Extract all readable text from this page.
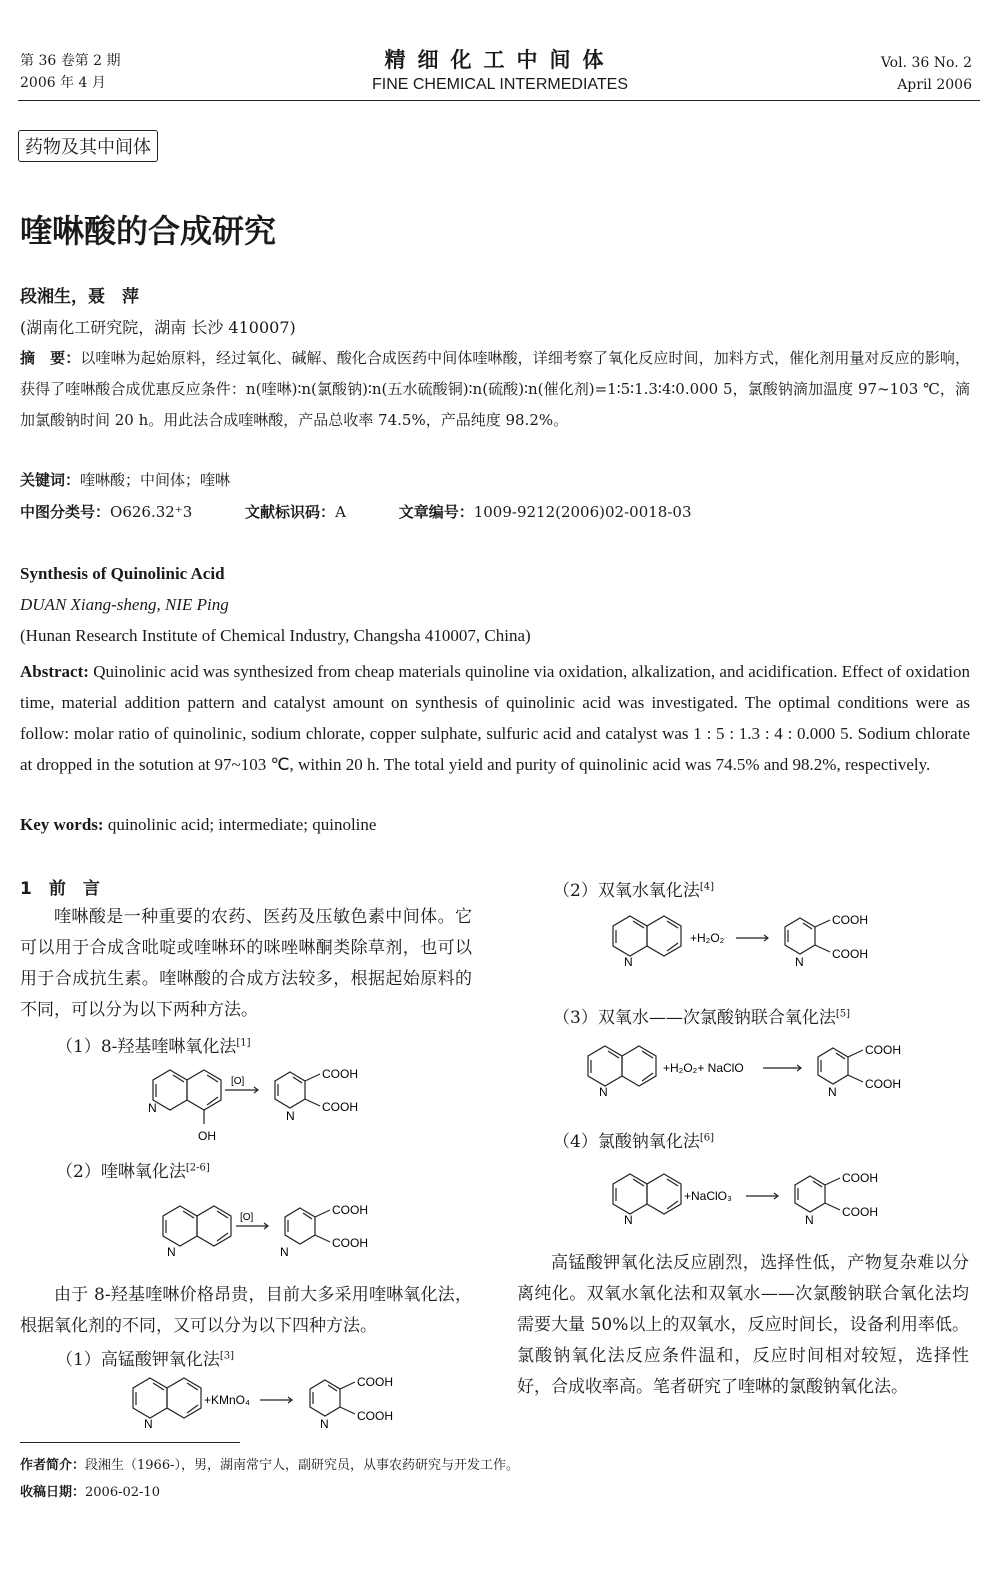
第 36 卷第 2 期
2006 年 4 月
精细化工中间体
FINE CHEMICAL INTERMEDIATES
Vol. 36 No. 2
April 2006
药物及其中间体
喹啉酸的合成研究
段湘生，聂　萍
(湖南化工研究院，湖南 长沙 410007)
摘　要：以喹啉为起始原料，经过氧化、碱解、酸化合成医药中间体喹啉酸，详细考察了氧化反应时间，加料方式，催化剂用量对反应的影响，获得了喹啉酸合成优惠反应条件：n(喹啉)∶n(氯酸钠)∶n(五水硫酸铜)∶n(硫酸)∶n(催化剂)=1∶5∶1.3∶4∶0.000 5，氯酸钠滴加温度 97~103 ℃，滴加氯酸钠时间 20 h。用此法合成喹啉酸，产品总收率 74.5%，产品纯度 98.2%。
关键词：喹啉酸；中间体；喹啉
中图分类号：O626.32⁺3	文献标识码：A	文章编号：1009-9212(2006)02-0018-03
Synthesis of Quinolinic Acid
DUAN Xiang-sheng, NIE Ping
(Hunan Research Institute of Chemical Industry, Changsha 410007, China)
Abstract: Quinolinic acid was synthesized from cheap materials quinoline via oxidation, alkalization, and acidification. Effect of oxidation time, material addition pattern and catalyst amount on synthesis of quinolinic acid was investigated. The optimal conditions were as follow: molar ratio of quinolinic, sodium chlorate, copper sulphate, sulfuric acid and catalyst was 1 : 5 : 1.3 : 4 : 0.000 5. Sodium chlorate at dropped in the sotution at 97~103 ℃, within 20 h. The total yield and purity of quinolinic acid was 74.5% and 98.2%, respectively.
Key words: quinolinic acid; intermediate; quinoline
1　前　言
喹啉酸是一种重要的农药、医药及压敏色素中间体。它可以用于合成含吡啶或喹啉环的咪唑啉酮类除草剂，也可以用于合成抗生素。喹啉酸的合成方法较多，根据起始原料的不同，可以分为以下两种方法。
（1）8-羟基喹啉氧化法[1]
N
OH
[O]
N
COOH
COOH
（2）喹啉氧化法[2-6]
N
[O]
N
COOH
COOH
由于 8-羟基喹啉价格昂贵，目前大多采用喹啉氧化法，根据氧化剂的不同，又可以分为以下四种方法。
（1）高锰酸钾氧化法[3]
N
+KMnO₄
N
COOH
COOH
（2）双氧水氧化法[4]
N
+H₂O₂
N
COOH
COOH
（3）双氧水——次氯酸钠联合氧化法[5]
N
+H₂O₂+ NaClO
N
COOH
COOH
（4）氯酸钠氧化法[6]
N
+NaClO₃
N
COOH
COOH
高锰酸钾氧化法反应剧烈，选择性低，产物复杂难以分离纯化。双氧水氧化法和双氧水——次氯酸钠联合氧化法均需要大量 50%以上的双氧水，反应时间长，设备利用率低。氯酸钠氧化法反应条件温和，反应时间相对较短，选择性好，合成收率高。笔者研究了喹啉的氯酸钠氧化法。
作者简介：段湘生（1966-），男，湖南常宁人，副研究员，从事农药研究与开发工作。
收稿日期：2006-02-10
